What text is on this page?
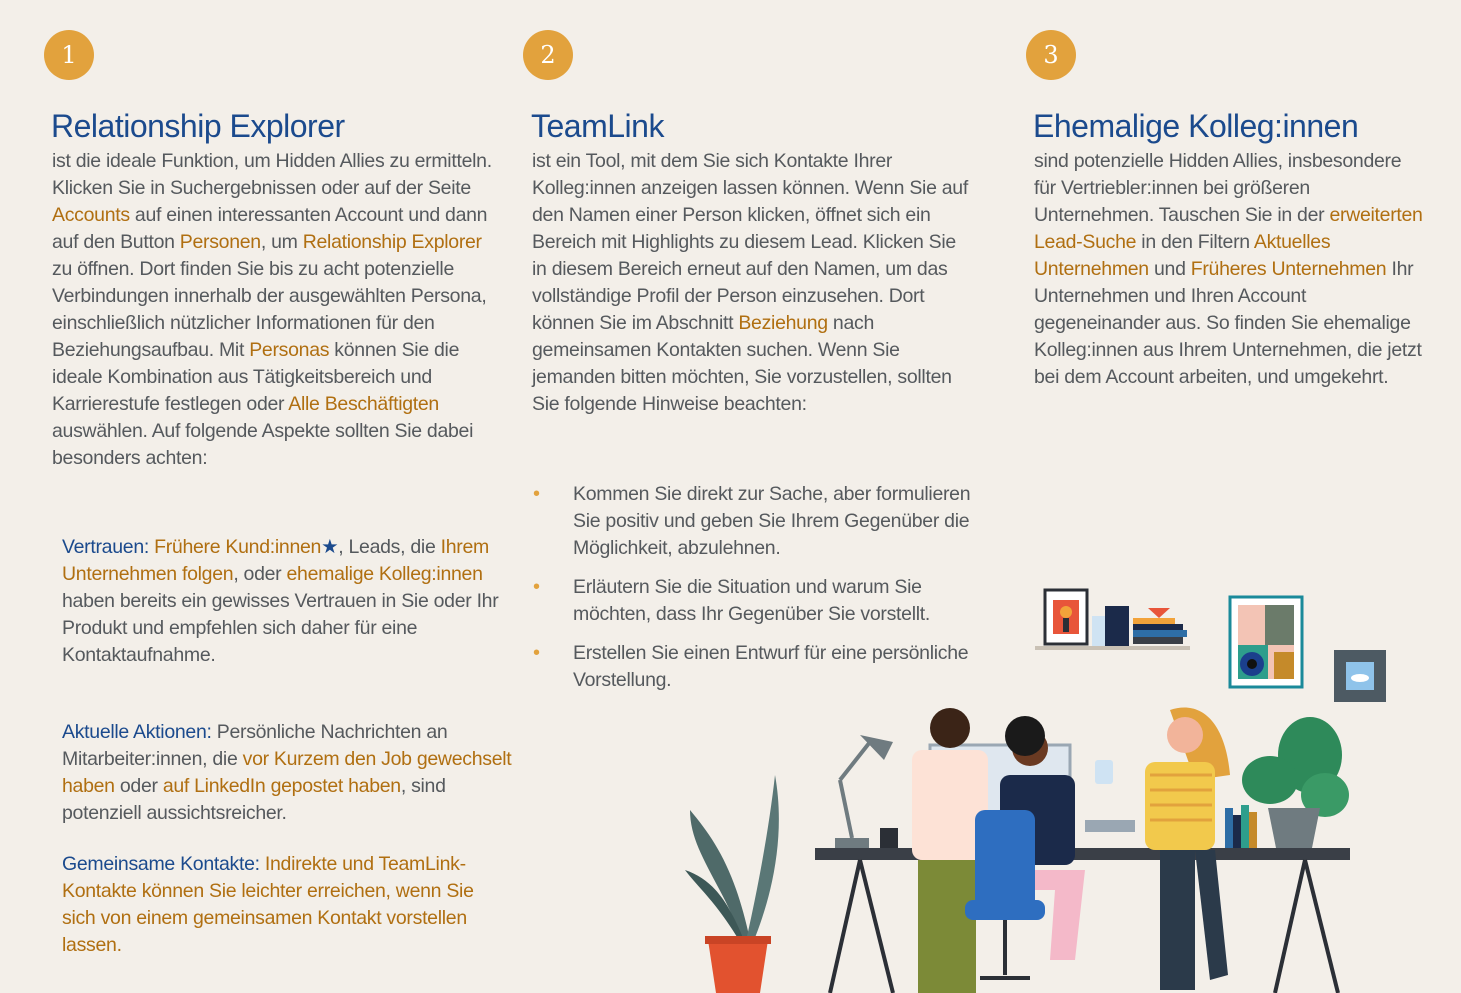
1
Relationship Explorer

ist die ideale Funktion, um Hidden Allies zu ermitteln. Klicken Sie in Suchergebnissen oder auf der Seite Accounts auf einen interessanten Account und dann auf den Button Personen, um Relationship Explorer zu öffnen. Dort finden Sie bis zu acht potenzielle Verbindungen innerhalb der ausgewählten Persona, einschließlich nützlicher Informationen für den Beziehungsaufbau. Mit Personas können Sie die ideale Kombination aus Tätigkeitsbereich und Karrierestufe festlegen oder Alle Beschäftigten auswählen. Auf folgende Aspekte sollten Sie dabei besonders achten:

Vertrauen: Frühere Kund:innen★, Leads, die Ihrem Unternehmen folgen, oder ehemalige Kolleg:innen haben bereits ein gewisses Vertrauen in Sie oder Ihr Produkt und empfehlen sich daher für eine Kontaktaufnahme.

Aktuelle Aktionen: Persönliche Nachrichten an Mitarbeiter:innen, die vor Kurzem den Job gewechselt haben oder auf LinkedIn gepostet haben, sind potenziell aussichtsreicher.

Gemeinsame Kontakte: Indirekte und TeamLink-Kontakte können Sie leichter erreichen, wenn Sie sich von einem gemeinsamen Kontakt vorstellen lassen.

2
TeamLink

ist ein Tool, mit dem Sie sich Kontakte Ihrer Kolleg:innen anzeigen lassen können. Wenn Sie auf den Namen einer Person klicken, öffnet sich ein Bereich mit Highlights zu diesem Lead. Klicken Sie in diesem Bereich erneut auf den Namen, um das vollständige Profil der Person einzusehen. Dort können Sie im Abschnitt Beziehung nach gemeinsamen Kontakten suchen. Wenn Sie jemanden bitten möchten, Sie vorzustellen, sollten Sie folgende Hinweise beachten:

• Kommen Sie direkt zur Sache, aber formulieren Sie positiv und geben Sie Ihrem Gegenüber die Möglichkeit, abzulehnen.
• Erläutern Sie die Situation und warum Sie möchten, dass Ihr Gegenüber Sie vorstellt.
• Erstellen Sie einen Entwurf für eine persönliche Vorstellung.
3
Ehemalige Kolleg:innen

sind potenzielle Hidden Allies, insbesondere für Vertriebler:innen bei größeren Unternehmen. Tauschen Sie in der erweiterten Lead-Suche in den Filtern Aktuelles Unternehmen und Früheres Unternehmen Ihr Unternehmen und Ihren Account gegeneinander aus. So finden Sie ehemalige Kolleg:innen aus Ihrem Unternehmen, die jetzt bei dem Account arbeiten, und umgekehrt.
